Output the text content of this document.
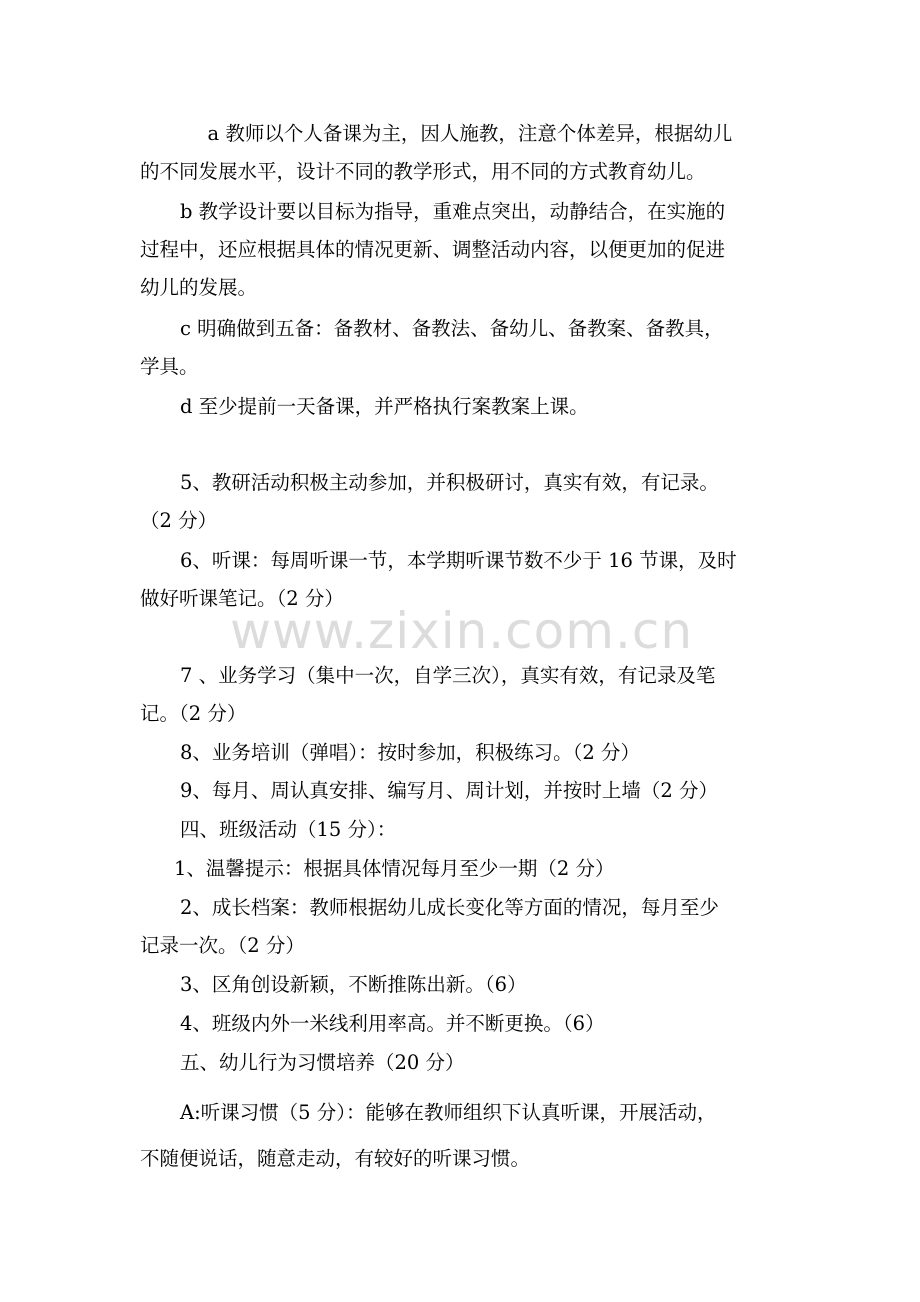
　a 教师以个人备课为主，因人施教，注意个体差异，根据幼儿
的不同发展水平，设计不同的教学形式，用不同的方式教育幼儿。
b 教学设计要以目标为指导，重难点突出，动静结合，在实施的
过程中，还应根据具体的情况更新、调整活动内容，以便更加的促进
幼儿的发展。
c 明确做到五备：备教材、备教法、备幼儿、备教案、备教具，
学具。
d 至少提前一天备课，并严格执行案教案上课。
5、教研活动积极主动参加，并积极研讨，真实有效，有记录。
（2 分）
6、听课：每周听课一节，本学期听课节数不少于 16 节课，及时
做好听课笔记。（2 分）
www.zixin.com.cn
7 、业务学习（集中一次，自学三次），真实有效，有记录及笔
记。（2 分）
8、业务培训（弹唱）：按时参加，积极练习。（2 分）
9、每月、周认真安排、编写月、周计划，并按时上墙（2 分）
四、班级活动（15 分）：
1、温馨提示：根据具体情况每月至少一期（2 分）
2、成长档案：教师根据幼儿成长变化等方面的情况，每月至少
记录一次。（2 分）
3、区角创设新颖，不断推陈出新。（6）
4、班级内外一米线利用率高。并不断更换。（6）
五、幼儿行为习惯培养（20 分）
A:听课习惯（5 分）：能够在教师组织下认真听课，开展活动，
不随便说话，随意走动，有较好的听课习惯。
